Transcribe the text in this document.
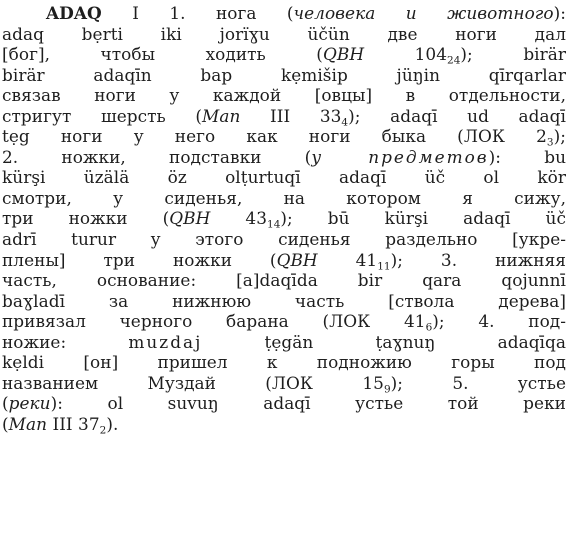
ADAQ I 1. нога (человека и животного):
adaq bẹrti iki jorïɣu üčün две ноги дал
[бог], чтобы ходить (QBH $104_{24}$); birär
birär adaqīn bap kẹmišip jüŋin qīrqarlar
связав ноги у каждой [овцы] в отдельности,
стригут шерсть (Man III $33_4$); adaqī ud adaqī
tẹg ноги у него как ноги быка (ЛОК $2_3$);
2. ножки, подставки (у предметов): bu
kürşi üzälä öz olṭurtuqī adaqī üč ol kör
смотри, у сиденья, на котором я сижу,
три ножки (QBH $43_{14}$); bū kürşi adaqī üč
adrī turur у этого сиденья раздельно [укре-
плены] три ножки (QBH $41_{11}$); 3. нижняя
часть, основание: [a]daqīda bir qara qojunnī
baɣladī за нижнюю часть [ствола дерева]
привязал черного барана (ЛОК $41_6$); 4. под-
ножие: muzdaj ṭẹgän ṭaɣnuŋ adaqīqa
kẹldi [он] пришел к подножию горы под
названием Муздай (ЛОК $15_9$); 5. устье
(реки): ol suvuŋ adaqī устье той реки
(Man III $37_2$).
